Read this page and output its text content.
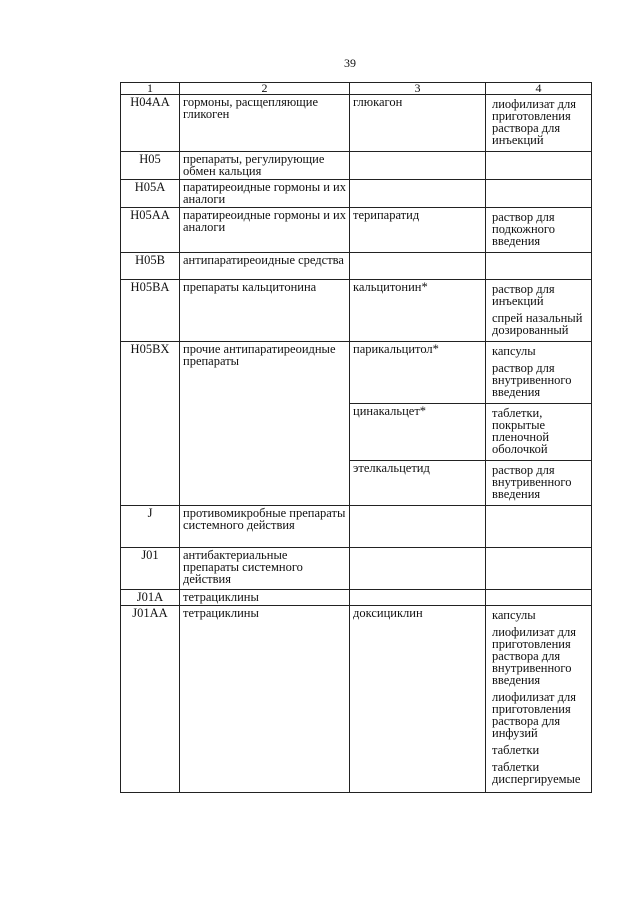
39
1	2	3	4
H04AA	гормоны, расщепляющие гликоген	глюкагон	лиофилизат для приготовления раствора для инъекций

H05	препараты, регулирующие обмен кальция		
H05A	паратиреоидные гормоны и их аналоги		
H05AA	паратиреоидные гормоны и их аналоги	терипаратид	раствор для подкожного введения

H05B	антипаратиреоидные средства		
H05BA	препараты кальцитонина	кальцитонин*	раствор для инъекций
спрей назальный дозированный

H05BX	прочие антипаратиреоидные препараты	парикальцитол*	капсулы
раствор для внутривенного введения

		цинакальцет*	таблетки, покрытые пленочной оболочкой

		этелкальцетид	раствор для внутривенного введения

J	противомикробные препараты системного действия		
J01	антибактериальные препараты системного действия		
J01A	тетрациклины		
J01AA	тетрациклины	доксициклин	капсулы
лиофилизат для приготовления раствора для внутривенного введения
лиофилизат для приготовления раствора для инфузий
таблетки
таблетки диспергируемые
